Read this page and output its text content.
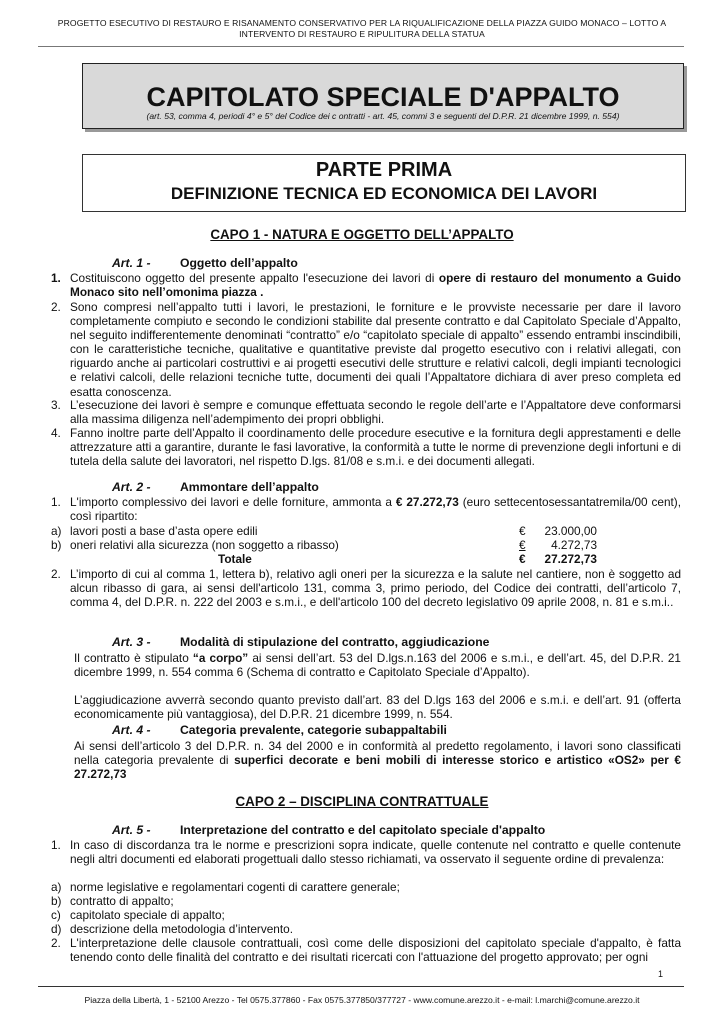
PROGETTO ESECUTIVO DI RESTAURO E RISANAMENTO CONSERVATIVO PER LA RIQUALIFICAZIONE DELLA PIAZZA GUIDO MONACO – LOTTO A
INTERVENTO DI RESTAURO E RIPULITURA DELLA STATUA
CAPITOLATO SPECIALE D'APPALTO
(art. 53, comma 4, periodi 4° e 5° del Codice dei c ontratti - art. 45, commi 3 e seguenti del D.P.R. 21 dicembre 1999, n. 554)
PARTE PRIMA
DEFINIZIONE TECNICA ED ECONOMICA DEI LAVORI
CAPO 1 - NATURA E OGGETTO DELL’APPALTO
Art. 1 - Oggetto dell’appalto
1. Costituiscono oggetto del presente appalto l'esecuzione dei lavori di opere di restauro del monumento a Guido Monaco sito nell’omonima piazza .
2. Sono compresi nell’appalto tutti i lavori, le prestazioni, le forniture e le provviste necessarie per dare il lavoro completamente compiuto e secondo le condizioni stabilite dal presente contratto e dal Capitolato Speciale d’Appalto, nel seguito indifferentemente denominati “contratto” e/o “capitolato speciale di appalto” essendo entrambi inscindibili, con le caratteristiche tecniche, qualitative e quantitative previste dal progetto esecutivo con i relativi allegati, con riguardo anche ai particolari costruttivi e ai progetti esecutivi delle strutture e relativi calcoli, degli impianti tecnologici e relativi calcoli, delle relazioni tecniche tutte, documenti dei quali l’Appaltatore dichiara di aver preso completa ed esatta conoscenza.
3. L’esecuzione dei lavori è sempre e comunque effettuata secondo le regole dell’arte e l’Appaltatore deve conformarsi alla massima diligenza nell’adempimento dei propri obblighi.
4. Fanno inoltre parte dell’Appalto il coordinamento delle procedure esecutive e la fornitura degli apprestamenti e delle attrezzature atti a garantire, durante le fasi lavorative, la conformità a tutte le norme di prevenzione degli infortuni e di tutela della salute dei lavoratori, nel rispetto D.lgs. 81/08 e s.m.i. e dei documenti allegati.
Art. 2 - Ammontare dell’appalto
1. L'importo complessivo dei lavori e delle forniture, ammonta a € 27.272,73 (euro settecentosessantatremila/00 cent), così ripartito:
a) lavori posti a base d’asta opere edili	€	23.000,00
b) oneri relativi alla sicurezza (non soggetto a ribasso)	€ 4.272,73
Totale	€	27.272,73
2. L’importo di cui al comma 1, lettera b), relativo agli oneri per la sicurezza e la salute nel cantiere, non è soggetto ad alcun ribasso di gara, ai sensi dell'articolo 131, comma 3, primo periodo, del Codice dei contratti, dell’articolo 7, comma 4, del D.P.R. n. 222 del 2003 e s.m.i., e dell'articolo 100 del decreto legislativo 09 aprile 2008, n. 81 e s.m.i..
Art. 3 - Modalità di stipulazione del contratto, aggiudicazione
Il contratto è stipulato “a corpo” ai sensi dell’art. 53 del D.lgs.n.163 del 2006 e s.m.i., e dell’art. 45, del D.P.R. 21 dicembre 1999, n. 554 comma 6 (Schema di contratto e Capitolato Speciale d’Appalto).
L’aggiudicazione avverrà secondo quanto previsto dall’art. 83 del D.lgs 163 del 2006 e s.m.i. e dell’art. 91 (offerta economicamente più vantaggiosa), del D.P.R. 21 dicembre 1999, n. 554.
Art. 4 - Categoria prevalente, categorie subappaltabili
Ai sensi dell’articolo 3 del D.P.R. n. 34 del 2000 e in conformità al predetto regolamento, i lavori sono classificati nella categoria prevalente di superfici decorate e beni mobili di interesse storico e artistico «OS2» per € 27.272,73
CAPO 2 – DISCIPLINA CONTRATTUALE
Art. 5 - Interpretazione del contratto e del capitolato speciale d'appalto
1. In caso di discordanza tra le norme e prescrizioni sopra indicate, quelle contenute nel contratto e quelle contenute negli altri documenti ed elaborati progettuali dallo stesso richiamati, va osservato il seguente ordine di prevalenza:
a) norme legislative e regolamentari cogenti di carattere generale;
b) contratto di appalto;
c) capitolato speciale di appalto;
d) descrizione della metodologia d’intervento.
2. L'interpretazione delle clausole contrattuali, così come delle disposizioni del capitolato speciale d'appalto, è fatta tenendo conto delle finalità del contratto e dei risultati ricercati con l'attuazione del progetto approvato; per ogni
1
Piazza della Libertà, 1 - 52100 Arezzo - Tel 0575.377860 - Fax 0575.377850/377727 - www.comune.arezzo.it - e-mail: l.marchi@comune.arezzo.it
